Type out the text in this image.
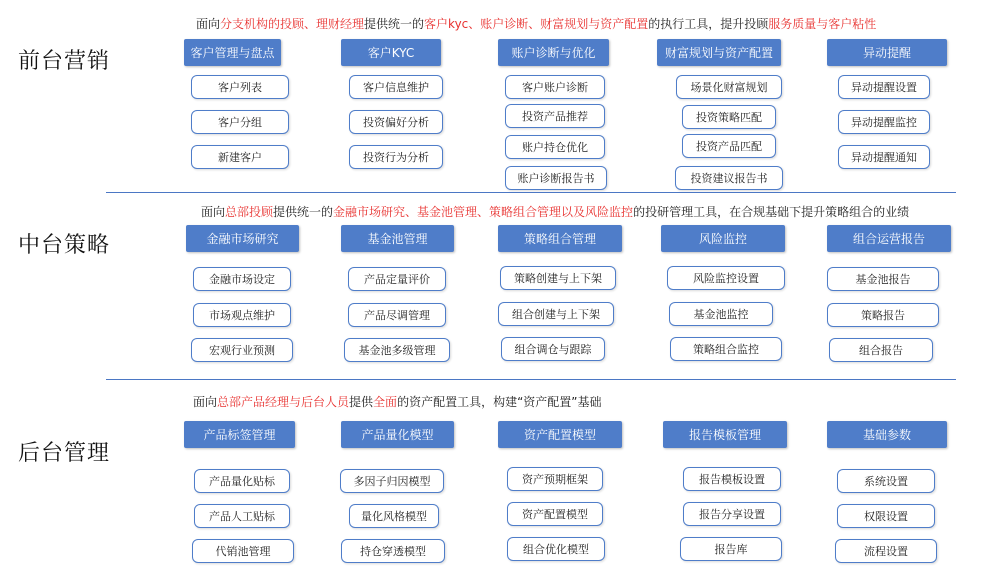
前台营销
面向分支机构的投顾、理财经理提供统一的客户kyc、账户诊断、财富规划与资产配置的执行工具，提升投顾服务质量与客户粘性
客户管理与盘点
客户列表
客户分组
新建客户
客户KYC
客户信息维护
投资偏好分析
投资行为分析
账户诊断与优化
客户账户诊断
投资产品推荐
账户持仓优化
账户诊断报告书
财富规划与资产配置
场景化财富规划
投资策略匹配
投资产品匹配
投资建议报告书
异动提醒
异动提醒设置
异动提醒监控
异动提醒通知
中台策略
面向总部投顾提供统一的金融市场研究、基金池管理、策略组合管理以及风险监控的投研管理工具，在合规基础下提升策略组合的业绩
金融市场研究
金融市场设定
市场观点维护
宏观行业预测
基金池管理
产品定量评价
产品尽调管理
基金池多级管理
策略组合管理
策略创建与上下架
组合创建与上下架
组合调仓与跟踪
风险监控
风险监控设置
基金池监控
策略组合监控
组合运营报告
基金池报告
策略报告
组合报告
后台管理
面向总部产品经理与后台人员提供全面的资产配置工具，构建“资产配置”基础
产品标签管理
产品量化贴标
产品人工贴标
代销池管理
产品量化模型
多因子归因模型
量化风格模型
持仓穿透模型
资产配置模型
资产预期框架
资产配置模型
组合优化模型
报告模板管理
报告模板设置
报告分享设置
报告库
基础参数
系统设置
权限设置
流程设置
